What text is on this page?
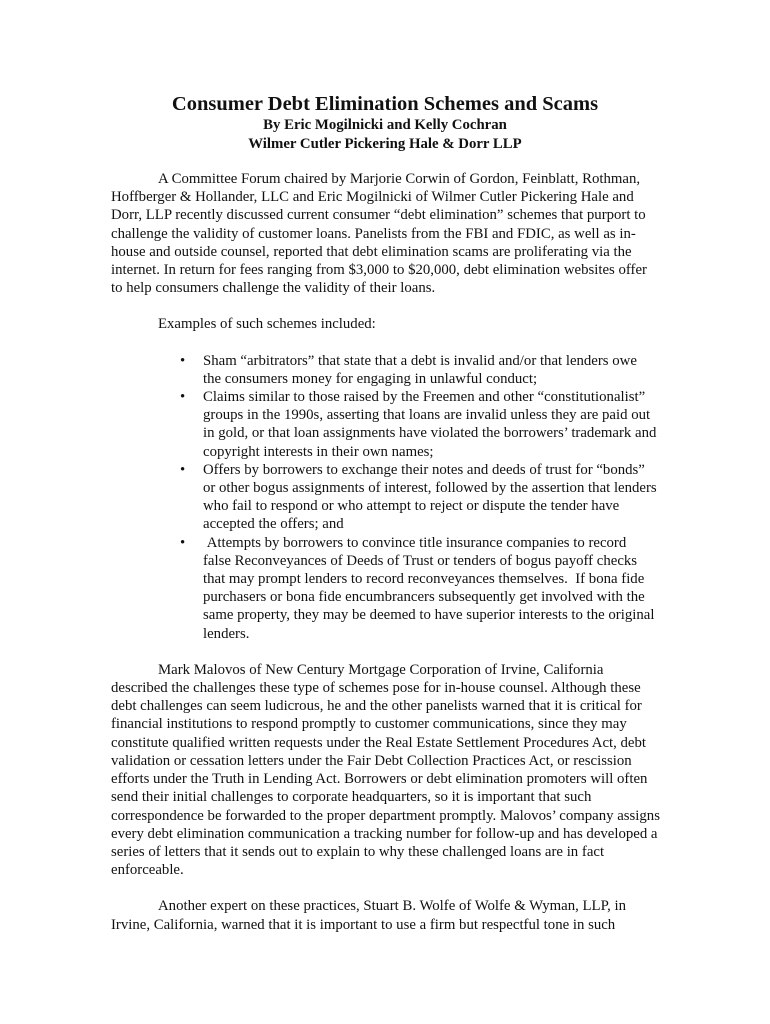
Consumer Debt Elimination Schemes and Scams
By Eric Mogilnicki and Kelly Cochran
Wilmer Cutler Pickering Hale & Dorr LLP

A Committee Forum chaired by Marjorie Corwin of Gordon, Feinblatt, Rothman, Hoffberger & Hollander, LLC and Eric Mogilnicki of Wilmer Cutler Pickering Hale and Dorr, LLP recently discussed current consumer “debt elimination” schemes that purport to challenge the validity of customer loans. Panelists from the FBI and FDIC, as well as in-house and outside counsel, reported that debt elimination scams are proliferating via the internet. In return for fees ranging from $3,000 to $20,000, debt elimination websites offer to help consumers challenge the validity of their loans.

Examples of such schemes included:

• Sham “arbitrators” that state that a debt is invalid and/or that lenders owe the consumers money for engaging in unlawful conduct;
• Claims similar to those raised by the Freemen and other “constitutionalist” groups in the 1990s, asserting that loans are invalid unless they are paid out in gold, or that loan assignments have violated the borrowers’ trademark and copyright interests in their own names;
• Offers by borrowers to exchange their notes and deeds of trust for “bonds” or other bogus assignments of interest, followed by the assertion that lenders who fail to respond or who attempt to reject or dispute the tender have accepted the offers; and
• Attempts by borrowers to convince title insurance companies to record false Reconveyances of Deeds of Trust or tenders of bogus payoff checks that may prompt lenders to record reconveyances themselves.  If bona fide purchasers or bona fide encumbrancers subsequently get involved with the same property, they may be deemed to have superior interests to the original lenders.

Mark Malovos of New Century Mortgage Corporation of Irvine, California described the challenges these type of schemes pose for in-house counsel. Although these debt challenges can seem ludicrous, he and the other panelists warned that it is critical for financial institutions to respond promptly to customer communications, since they may constitute qualified written requests under the Real Estate Settlement Procedures Act, debt validation or cessation letters under the Fair Debt Collection Practices Act, or rescission efforts under the Truth in Lending Act. Borrowers or debt elimination promoters will often send their initial challenges to corporate headquarters, so it is important that such correspondence be forwarded to the proper department promptly. Malovos’ company assigns every debt elimination communication a tracking number for follow-up and has developed a series of letters that it sends out to explain to why these challenged loans are in fact enforceable.

Another expert on these practices, Stuart B. Wolfe of Wolfe & Wyman, LLP, in Irvine, California, warned that it is important to use a firm but respectful tone in such
